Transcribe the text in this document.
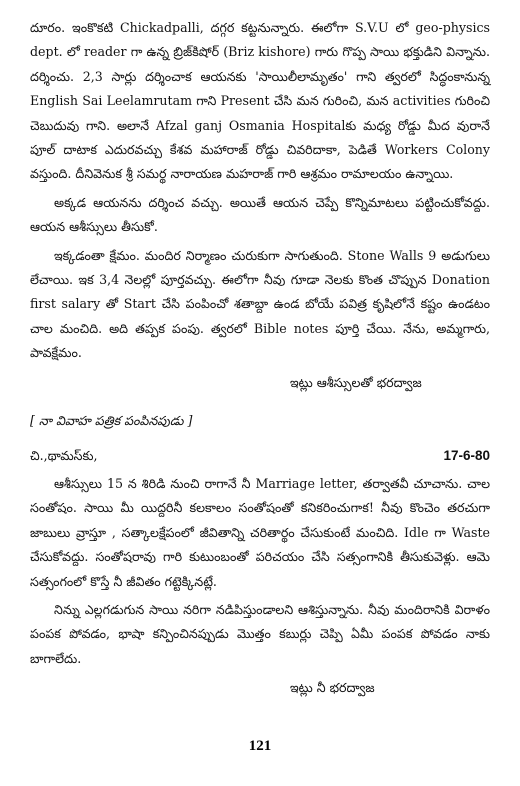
దూరం. ఇంకొకటి Chickadpalli, దగ్గర కట్టనున్నారు. ఈలోగా S.V.U లో geo-physics dept. లో reader గా ఉన్న బ్రిజ్‌కిషోర్ (Briz kishore) గారు గొప్ప సాయి భక్తుడిని విన్నాను. దర్శించు. 2,3 సార్లు దర్శించాక ఆయనకు 'సాయిలీలామృతం' గాని త్వరలో సిద్ధంకానున్న English Sai Leelamrutam గాని Present చేసి మన గురించి, మన activities గురించి చెబుదువు గాని. అలానే Afzal ganj Osmania Hospitalకు మధ్య రోడ్డు మీద వురానే పూల్ దాటాక ఎదురవచ్చు కేశవ మహారాజ్ రోడ్డు చివరిదాకా, పెడితే Workers Colony వస్తుంది. దీనివెనుక శ్రీ సమర్థ నారాయణ మహరాజ్ గారి ఆశ్రమం రామాలయం ఉన్నాయి.

అక్కడ ఆయనను దర్శించ వచ్చు. అయితే ఆయన చెప్పే కొన్నిమాటలు పట్టించుకోవద్దు. ఆయన ఆశీస్సులు తీసుకో.

ఇక్కడంతా క్షేమం. మందిర నిర్మాణం చురుకుగా సాగుతుంది. Stone Walls 9 అడుగులు లేచాయి. ఇక 3,4 నెలల్లో పూర్తవచ్చు. ఈలోగా నీవు గూడా నెలకు కొంత చొప్పున Donation first salary తో Start చేసి పంపించో శతాబ్దా ఉండ బోయే పవిత్ర కృషిలోనే కష్టం ఉండటం చాల మంచిది. అది తప్పక పంపు. త్వరలో Bible notes పూర్తి చేయి. నేను, అమ్మగారు, పావక్షేమం.

ఇట్లు ఆశీస్సులతో భరద్వాజ

[ నా వివాహ పత్రిక పంపినపుడు ]
చి.,థామస్‌కు,	17-6-80

ఆశీస్సులు 15 న శిరిడి నుంచి రాగానే నీ Marriage letter, తర్వాతవీ చూచాను. చాల సంతోషం. సాయి మీ యిద్దరినీ కలకాలం సంతోషంతో కనికరించుగాక! నీవు కొంచెం తరచుగా జాబులు వ్రాస్తూ , సత్కాలక్షేపంలో జీవితాన్ని చరితార్థం చేసుకుంటే మంచిది. Idle గా Waste చేసుకోవద్దు. సంతోషరావు గారి కుటుంబంతో పరిచయం చేసి సత్సంగానికి తీసుకువెళ్లు. ఆమె సత్సంగంలో కొస్తే నీ జీవితం గట్టెక్కినట్లే.

నిన్ను ఎల్లగడుగున సాయి నరిగా నడిపిస్తుండాలని ఆశిస్తున్నాను. నీవు మందిరానికి విరాళం పంపక పోవడం, భాషా కన్పించినప్పుడు మొత్తం కబుర్లు చెప్పి ఏమీ పంపక పోవడం నాకు బాగాలేదు.

ఇట్లు నీ భరద్వాజ

121
